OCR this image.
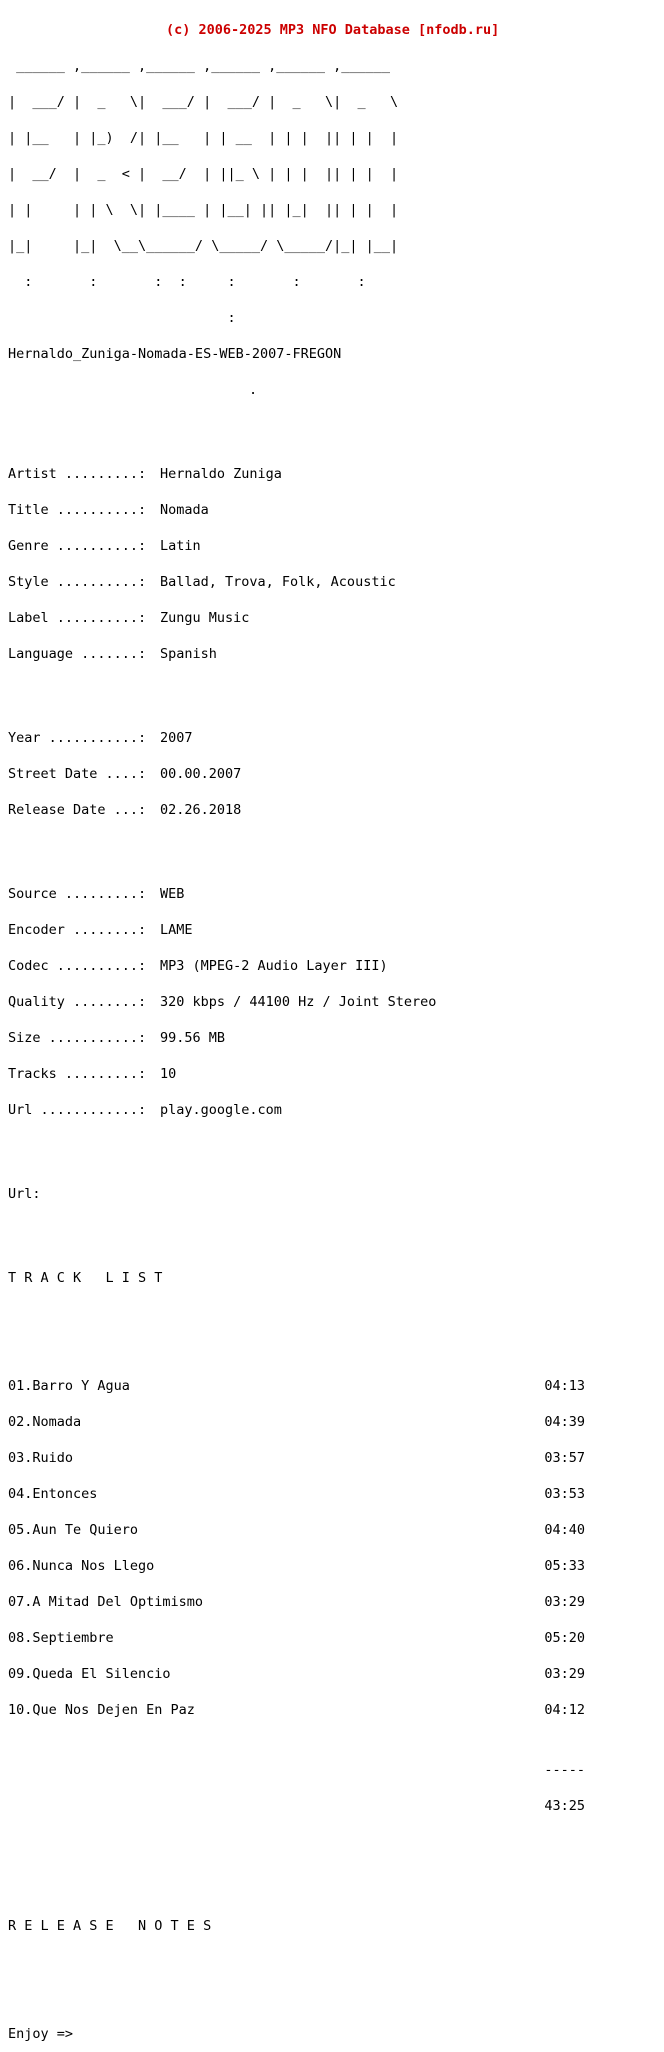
(c) 2006-2025 MP3 NFO Database [nfodb.ru]

______ ,______ ,______ ,______ ,______ ,______

|  ___/ |  _   \|  ___/ |  ___/ |  _   \|  _   \

| |__   | |_)  /| |__   | | __  | | |  || | |  |

|  __/  |  _  < |  __/  | ||_ \ | | |  || | |  |

| |     | | \  \| |____ | |__| || |_|  || | |  |

|_|     |_|  \__\______/ \_____/ \_____/|_| |__|

:       :       :  :     :       :       :

:

Hernaldo_Zuniga-Nomada-ES-WEB-2007-FREGON

.

Artist .........: Hernaldo Zuniga

Title ..........: Nomada

Genre ..........: Latin

Style ..........: Ballad, Trova, Folk, Acoustic

Label ..........: Zungu Music

Language .......: Spanish

Year ...........: 2007

Street Date ....: 00.00.2007

Release Date ...: 02.26.2018

Source .........: WEB

Encoder ........: LAME

Codec ..........: MP3 (MPEG-2 Audio Layer III)

Quality ........: 320 kbps / 44100 Hz / Joint Stereo

Size ...........: 99.56 MB

Tracks .........: 10

Url ............: play.google.com

Url:

T R A C K   L I S T

01.Barro Y Agua	04:13

02.Nomada	04:39

03.Ruido	03:57

04.Entonces	03:53

05.Aun Te Quiero	04:40

06.Nunca Nos Llego	05:33

07.A Mitad Del Optimismo	03:29

08.Septiembre	05:20

09.Queda El Silencio	03:29

10.Que Nos Dejen En Paz	04:12

-----

43:25

R E L E A S E   N O T E S

Enjoy =>
